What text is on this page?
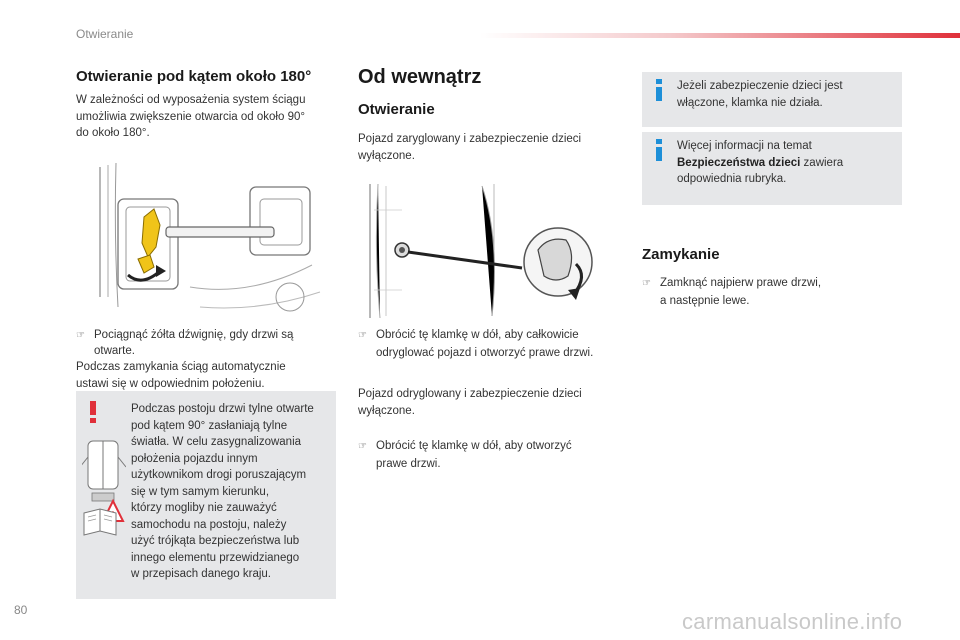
Otwieranie
Otwieranie pod kątem około 180°

W zależności od wyposażenia system ściągu

umożliwia zwiększenie otwarcia od około 90°

do około 180°.

☞ Pociągnąć żółta dźwignię, gdy drzwi są
otwarte.

Podczas zamykania ściąg automatycznie

ustawi się w odpowiednim położeniu.

Podczas postoju drzwi tylne otwarte

pod kątem 90° zasłaniają tylne

światła. W celu zasygnalizowania

położenia pojazdu innym

użytkownikom drogi poruszającym

się w tym samym kierunku,

którzy mogliby nie zauważyć

samochodu na postoju, należy

użyć trójkąta bezpieczeństwa lub

innego elementu przewidzianego

w przepisach danego kraju.

Od wewnątrz
Otwieranie

Pojazd zaryglowany i zabezpieczenie dzieci

wyłączone.

☞ Obrócić tę klamkę w dół, aby całkowicie

odryglować pojazd i otworzyć prawe drzwi.

Pojazd odryglowany i zabezpieczenie dzieci

wyłączone.

☞ Obrócić tę klamkę w dół, aby otworzyć

prawe drzwi.

Jeżeli zabezpieczenie dzieci jest

włączone, klamka nie działa.

Więcej informacji na temat

Bezpieczeństwa dzieci zawiera

odpowiednia rubryka.

Zamykanie
☞ Zamknąć najpierw prawe drzwi,

a następnie lewe.

80	carmanualsonline.info
